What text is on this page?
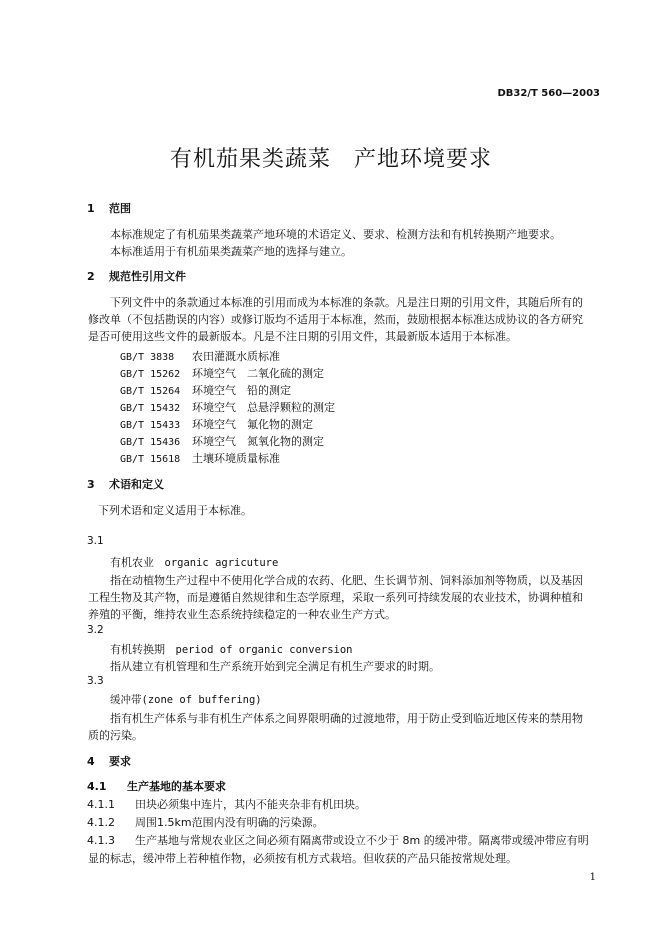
DB32/T 560—2003
有机茄果类蔬菜　产地环境要求
1 范围
本标准规定了有机茄果类蔬菜产地环境的术语定义、要求、检测方法和有机转换期产地要求。
本标准适用于有机茄果类蔬菜产地的选择与建立。
2 规范性引用文件
下列文件中的条款通过本标准的引用而成为本标准的条款。凡是注日期的引用文件，其随后所有的
修改单（不包括勘误的内容）或修订版均不适用于本标准，然而，鼓励根据本标准达成协议的各方研究
是否可使用这些文件的最新版本。凡是不注日期的引用文件，其最新版本适用于本标准。
GB/T 3838 农田灌溉水质标准
GB/T 15262 环境空气　二氧化硫的测定
GB/T 15264 环境空气　铅的测定
GB/T 15432 环境空气　总悬浮颗粒的测定
GB/T 15433 环境空气　氟化物的测定
GB/T 15436 环境空气　氮氧化物的测定
GB/T 15618 土壤环境质量标准
3 术语和定义
下列术语和定义适用于本标准。
3.1
有机农业 organic agricuture
指在动植物生产过程中不使用化学合成的农药、化肥、生长调节剂、饲料添加剂等物质，以及基因
工程生物及其产物，而是遵循自然规律和生态学原理，采取一系列可持续发展的农业技术，协调种植和
养殖的平衡，维持农业生态系统持续稳定的一种农业生产方式。
3.2
有机转换期 period of organic conversion
指从建立有机管理和生产系统开始到完全满足有机生产要求的时期。
3.3
缓冲带(zone of buffering)
指有机生产体系与非有机生产体系之间界限明确的过渡地带，用于防止受到临近地区传来的禁用物
质的污染。
4 要求
4.1 生产基地的基本要求
4.1.1 田块必须集中连片，其内不能夹杂非有机田块。
4.1.2 周围1.5km范围内没有明确的污染源。
4.1.3 生产基地与常规农业区之间必须有隔离带或设立不少于 8m 的缓冲带。隔离带或缓冲带应有明
显的标志，缓冲带上若种植作物，必须按有机方式栽培。但收获的产品只能按常规处理。
1
